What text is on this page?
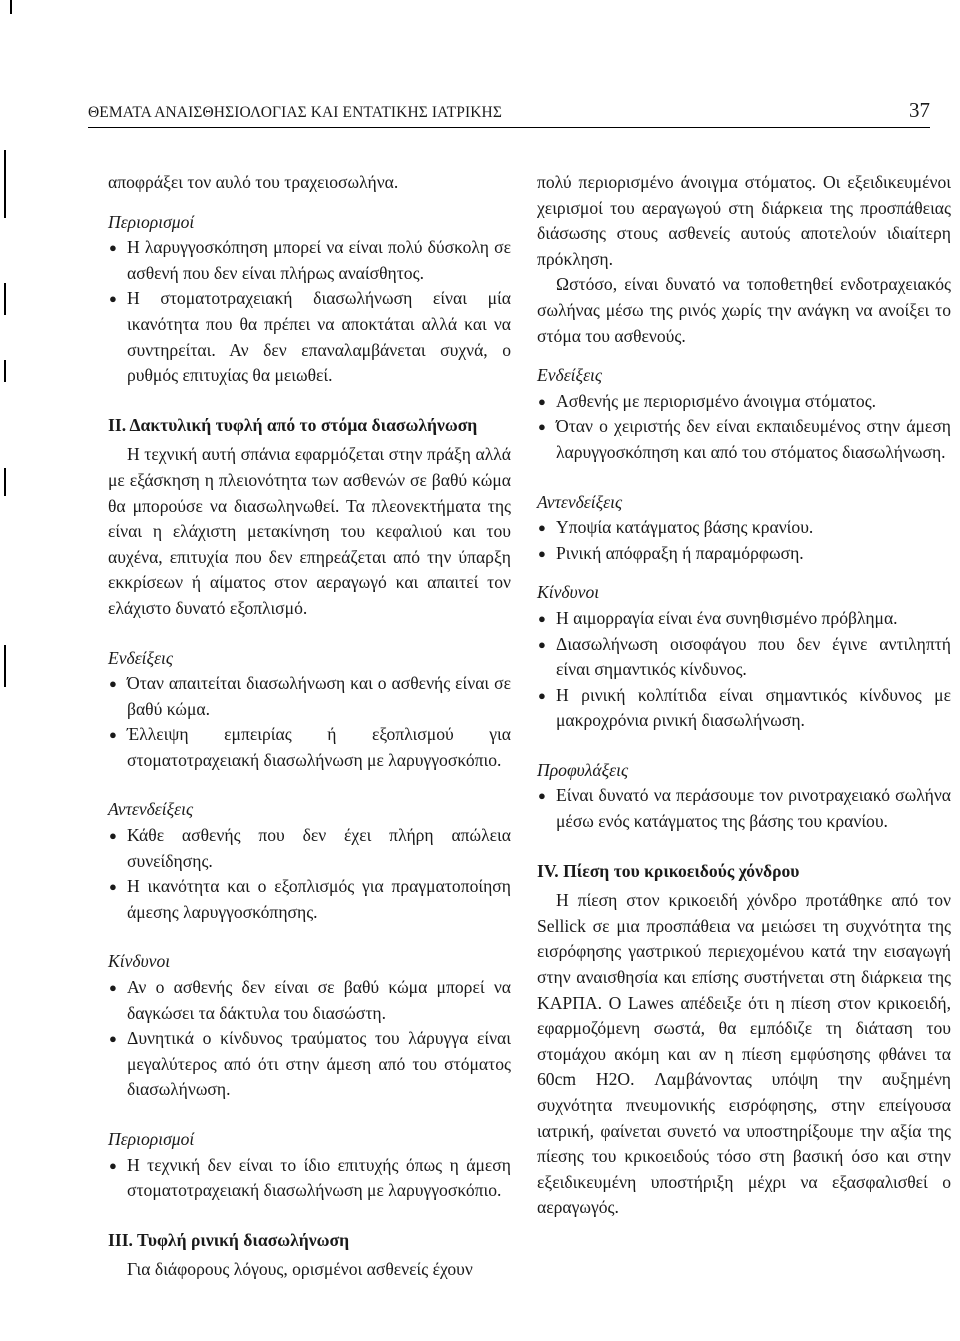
ΘΕΜΑΤΑ ΑΝΑΙΣΘΗΣΙΟΛΟΓΙΑΣ ΚΑΙ ΕΝΤΑΤΙΚΗΣ ΙΑΤΡΙΚΗΣ	37

αποφράξει τον αυλό του τραχειοσωλήνα.

Περιορισμοί

● Η λαρυγγοσκόπηση μπορεί να είναι πολύ δύσκολη σε ασθενή που δεν είναι πλήρως αναίσθητος.
● Η στοματοτραχειακή διασωλήνωση είναι μία ικανότητα που θα πρέπει να αποκτάται αλλά και να συντηρείται. Αν δεν επαναλαμβάνεται συχνά, ο ρυθμός επιτυχίας θα μειωθεί.

ΙΙ. Δακτυλική τυφλή από το στόμα διασωλήνωση

Η τεχνική αυτή σπάνια εφαρμόζεται στην πράξη αλλά με εξάσκηση η πλειονότητα των ασθενών σε βαθύ κώμα θα μπορούσε να διασωληνωθεί. Τα πλεονεκτήματα της είναι η ελάχιστη μετακίνηση του κεφαλιού και του αυχένα, επιτυχία που δεν επηρεάζεται από την ύπαρξη εκκρίσεων ή αίματος στον αεραγωγό και απαιτεί τον ελάχιστο δυνατό εξοπλισμό.

Ενδείξεις

● Όταν απαιτείται διασωλήνωση και ο ασθενής είναι σε βαθύ κώμα.
● Έλλειψη εμπειρίας ή εξοπλισμού για στοματοτραχειακή διασωλήνωση με λαρυγγοσκόπιο.

Αντενδείξεις

● Κάθε ασθενής που δεν έχει πλήρη απώλεια συνείδησης.
● Η ικανότητα και ο εξοπλισμός για πραγματοποίηση άμεσης λαρυγγοσκόπησης.

Κίνδυνοι

● Αν ο ασθενής δεν είναι σε βαθύ κώμα μπορεί να δαγκώσει τα δάκτυλα του διασώστη.
● Δυνητικά ο κίνδυνος τραύματος του λάρυγγα είναι μεγαλύτερος από ότι στην άμεση από του στόματος διασωλήνωση.

Περιορισμοί

● Η τεχνική δεν είναι το ίδιο επιτυχής όπως η άμεση στοματοτραχειακή διασωλήνωση με λαρυγγοσκόπιο.

ΙΙΙ. Τυφλή ρινική διασωλήνωση

Για διάφορους λόγους, ορισμένοι ασθενείς έχουν

πολύ περιορισμένο άνοιγμα στόματος. Οι εξειδικευμένοι χειρισμοί του αεραγωγού στη διάρκεια της προσπάθειας διάσωσης στους ασθενείς αυτούς αποτελούν ιδιαίτερη πρόκληση.

Ωστόσο, είναι δυνατό να τοποθετηθεί ενδοτραχειακός σωλήνας μέσω της ρινός χωρίς την ανάγκη να ανοίξει το στόμα του ασθενούς.

Ενδείξεις

● Ασθενής με περιορισμένο άνοιγμα στόματος.
● Όταν ο χειριστής δεν είναι εκπαιδευμένος στην άμεση λαρυγγοσκόπηση και από του στόματος διασωλήνωση.

Αντενδείξεις

● Υποψία κατάγματος βάσης κρανίου.
● Ρινική απόφραξη ή παραμόρφωση.

Κίνδυνοι

● Η αιμορραγία είναι ένα συνηθισμένο πρόβλημα.
● Διασωλήνωση οισοφάγου που δεν έγινε αντιληπτή είναι σημαντικός κίνδυνος.
● Η ρινική κολπίτιδα είναι σημαντικός κίνδυνος με μακροχρόνια ρινική διασωλήνωση.

Προφυλάξεις

● Είναι δυνατό να περάσουμε τον ρινοτραχειακό σωλήνα μέσω ενός κατάγματος της βάσης του κρανίου.

IV. Πίεση του κρικοειδούς χόνδρου

Η πίεση στον κρικοειδή χόνδρο προτάθηκε από τον Sellick σε μια προσπάθεια να μειώσει τη συχνότητα της εισρόφησης γαστρικού περιεχομένου κατά την εισαγωγή στην αναισθησία και επίσης συστήνεται στη διάρκεια της ΚΑΡΠΑ. Ο Lawes απέδειξε ότι η πίεση στον κρικοειδή, εφαρμοζόμενη σωστά, θα εμπόδιζε τη διάταση του στομάχου ακόμη και αν η πίεση εμφύσησης φθάνει τα 60cm H2O. Λαμβάνοντας υπόψη την αυξημένη συχνότητα πνευμονικής εισρόφησης, στην επείγουσα ιατρική, φαίνεται συνετό να υποστηρίξουμε την αξία της πίεσης του κρικοειδούς τόσο στη βασική όσο και στην εξειδικευμένη υποστήριξη μέχρι να εξασφαλισθεί ο αεραγωγός.
